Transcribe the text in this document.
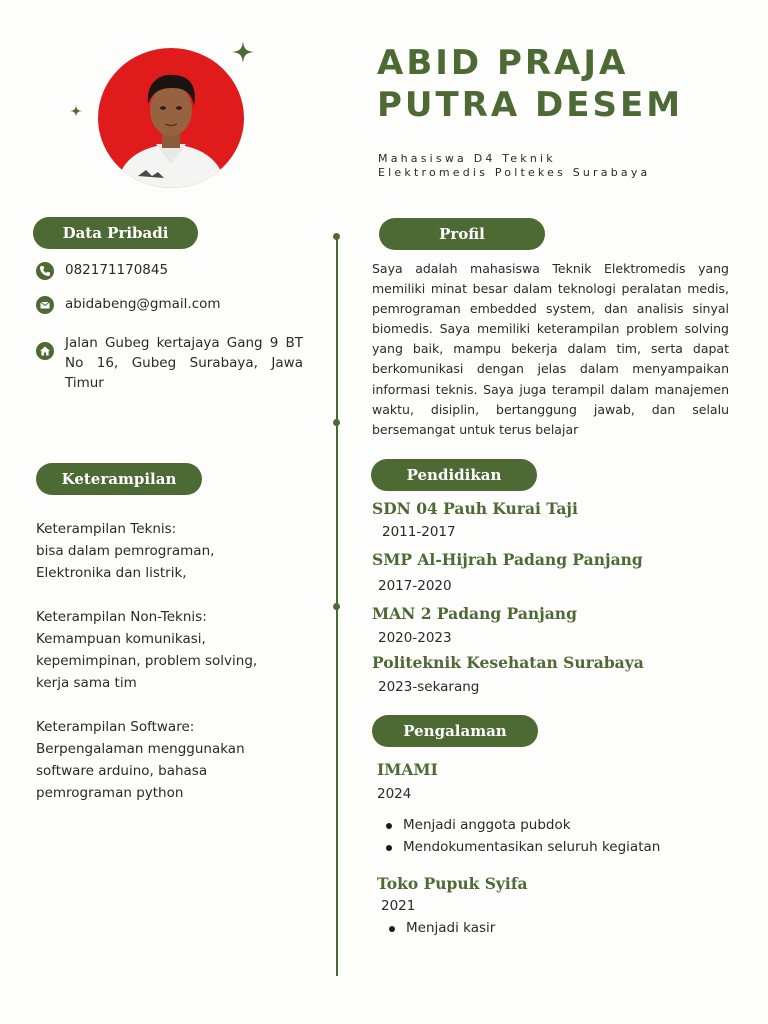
ABID PRAJA
PUTRA DESEM
Mahasiswa D4 Teknik
Elektromedis Poltekes Surabaya
Data Pribadi
082171170845
abidabeng@gmail.com
Jalan Gubeg kertajaya Gang 9 BT No 16, Gubeg Surabaya, Jawa Timur
Keterampilan
Keterampilan Teknis:
bisa dalam pemrograman,
Elektronika dan listrik,
Keterampilan Non-Teknis:
Kemampuan komunikasi,
kepemimpinan, problem solving,
kerja sama tim
Keterampilan Software:
Berpengalaman menggunakan
software arduino, bahasa
pemrograman python
Profil
Saya adalah mahasiswa Teknik Elektromedis yang memiliki minat besar dalam teknologi peralatan medis, pemrograman embedded system, dan analisis sinyal biomedis. Saya memiliki keterampilan problem solving yang baik, mampu bekerja dalam tim, serta dapat berkomunikasi dengan jelas dalam menyampaikan informasi teknis. Saya juga terampil dalam manajemen waktu, disiplin, bertanggung jawab, dan selalu bersemangat untuk terus belajar
Pendidikan
SDN 04 Pauh Kurai Taji
2011-2017
SMP Al-Hijrah Padang Panjang
2017-2020
MAN 2 Padang Panjang
2020-2023
Politeknik Kesehatan Surabaya
2023-sekarang
Pengalaman
IMAMI
2024
Menjadi anggota pubdok
Mendokumentasikan seluruh kegiatan
Toko Pupuk Syifa
2021
Menjadi kasir
